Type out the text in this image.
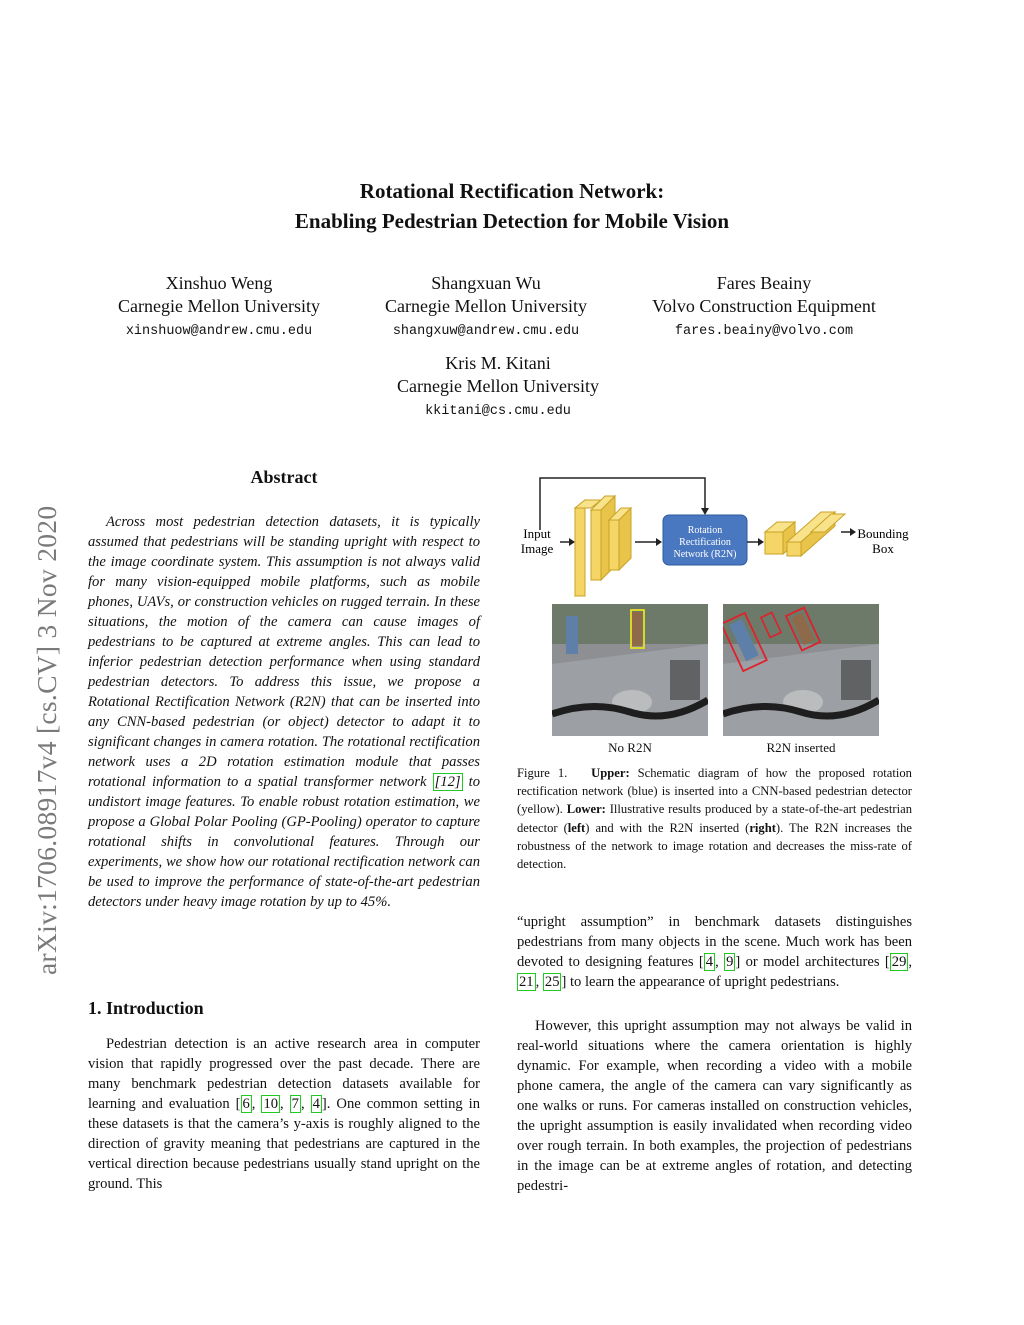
arXiv:1706.08917v4 [cs.CV] 3 Nov 2020
Rotational Rectification Network:
Enabling Pedestrian Detection for Mobile Vision
Xinshuo Weng
Carnegie Mellon University
xinshuow@andrew.cmu.edu
Shangxuan Wu
Carnegie Mellon University
shangxuw@andrew.cmu.edu
Fares Beainy
Volvo Construction Equipment
fares.beainy@volvo.com
Kris M. Kitani
Carnegie Mellon University
kkitani@cs.cmu.edu
Abstract

Across most pedestrian detection datasets, it is typically assumed that pedestrians will be standing upright with respect to the image coordinate system. This assumption is not always valid for many vision-equipped mobile platforms, such as mobile phones, UAVs, or construction vehicles on rugged terrain. In these situations, the motion of the camera can cause images of pedestrians to be captured at extreme angles. This can lead to inferior pedestrian detection performance when using standard pedestrian detectors. To address this issue, we propose a Rotational Rectification Network (R2N) that can be inserted into any CNN-based pedestrian (or object) detector to adapt it to significant changes in camera rotation. The rotational rectification network uses a 2D rotation estimation module that passes rotational information to a spatial transformer network [12] to undistort image features. To enable robust rotation estimation, we propose a Global Polar Pooling (GP-Pooling) operator to capture rotational shifts in convolutional features. Through our experiments, we show how our rotational rectification network can be used to improve the performance of state-of-the-art pedestrian detectors under heavy image rotation by up to 45%.

1. Introduction

Pedestrian detection is an active research area in computer vision that rapidly progressed over the past decade. There are many benchmark pedestrian detection datasets available for learning and evaluation [ 6 , 10 , 7 , 4 ]. One common setting in these datasets is that the camera’s y-axis is roughly aligned to the direction of gravity meaning that pedestrians are captured in the vertical direction because pedestrians usually stand upright on the ground. This

“upright assumption” in benchmark datasets distinguishes pedestrians from many objects in the scene. Much work has been devoted to designing features [ 4 , 9 ] or model architectures [ 29 , 21 , 25 ] to learn the appearance of upright pedestrians.

However, this upright assumption may not always be valid in real-world situations where the camera orientation is highly dynamic. For example, when recording a video with a mobile phone camera, the angle of the camera can vary significantly as one walks or runs. For cameras installed on construction vehicles, the upright assumption is easily invalidated when recording video over rough terrain. In both examples, the projection of pedestrians in the image can be at extreme angles of rotation, and detecting pedestri-

Input
Image
Rotation
Rectification
Network (R2N)
Bounding
Box
No R2N	R2N inserted

Figure 1. Upper: Schematic diagram of how the proposed rotation rectification network (blue) is inserted into a CNN-based pedestrian detector (yellow). Lower: Illustrative results produced by a state-of-the-art pedestrian detector (left) and with the R2N inserted (right). The R2N increases the robustness of the network to image rotation and decreases the miss-rate of detection.
